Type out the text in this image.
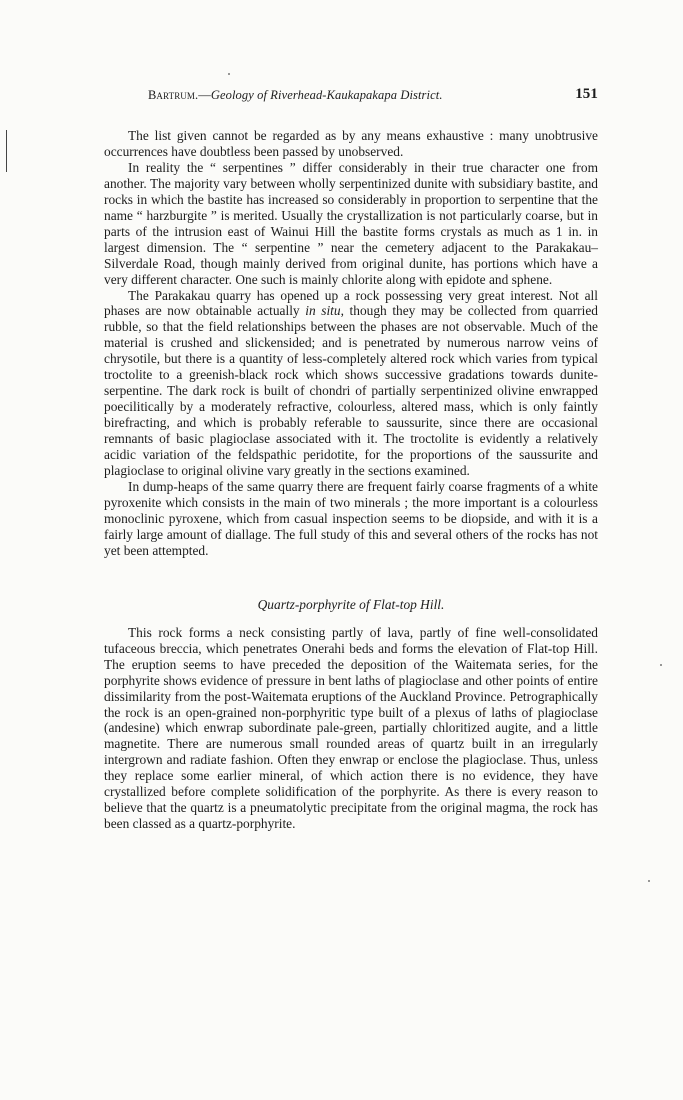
Bartrum.—Geology of Riverhead-Kaukapakapa District.	151

The list given cannot be regarded as by any means exhaustive : many unobtrusive occurrences have doubtless been passed by unobserved.

In reality the “ serpentines ” differ considerably in their true character one from another. The majority vary between wholly serpentinized dunite with subsidiary bastite, and rocks in which the bastite has increased so considerably in proportion to serpentine that the name “ harzburgite ” is merited. Usually the crystallization is not particularly coarse, but in parts of the intrusion east of Wainui Hill the bastite forms crystals as much as 1 in. in largest dimension. The “ serpentine ” near the cemetery adjacent to the Parakakau–Silverdale Road, though mainly derived from original dunite, has portions which have a very different character. One such is mainly chlorite along with epidote and sphene.

The Parakakau quarry has opened up a rock possessing very great interest. Not all phases are now obtainable actually in situ, though they may be collected from quarried rubble, so that the field relationships between the phases are not observable. Much of the material is crushed and slickensided; and is penetrated by numerous narrow veins of chrysotile, but there is a quantity of less-completely altered rock which varies from typical troctolite to a greenish-black rock which shows successive gradations towards dunite-serpentine. The dark rock is built of chondri of partially serpentinized olivine enwrapped poecilitically by a moderately refractive, colourless, altered mass, which is only faintly birefracting, and which is probably referable to saussurite, since there are occasional remnants of basic plagioclase associated with it. The troctolite is evidently a relatively acidic variation of the feldspathic peridotite, for the proportions of the saussurite and plagioclase to original olivine vary greatly in the sections examined.

In dump-heaps of the same quarry there are frequent fairly coarse fragments of a white pyroxenite which consists in the main of two minerals ; the more important is a colourless monoclinic pyroxene, which from casual inspection seems to be diopside, and with it is a fairly large amount of diallage. The full study of this and several others of the rocks has not yet been attempted.

Quartz-porphyrite of Flat-top Hill.

This rock forms a neck consisting partly of lava, partly of fine well-consolidated tufaceous breccia, which penetrates Onerahi beds and forms the elevation of Flat-top Hill. The eruption seems to have preceded the deposition of the Waitemata series, for the porphyrite shows evidence of pressure in bent laths of plagioclase and other points of entire dissimilarity from the post-Waitemata eruptions of the Auckland Province. Petrographically the rock is an open-grained non-porphyritic type built of a plexus of laths of plagioclase (andesine) which enwrap subordinate pale-green, partially chloritized augite, and a little magnetite. There are numerous small rounded areas of quartz built in an irregularly intergrown and radiate fashion. Often they enwrap or enclose the plagioclase. Thus, unless they replace some earlier mineral, of which action there is no evidence, they have crystallized before complete solidification of the porphyrite. As there is every reason to believe that the quartz is a pneumatolytic precipitate from the original magma, the rock has been classed as a quartz-porphyrite.
